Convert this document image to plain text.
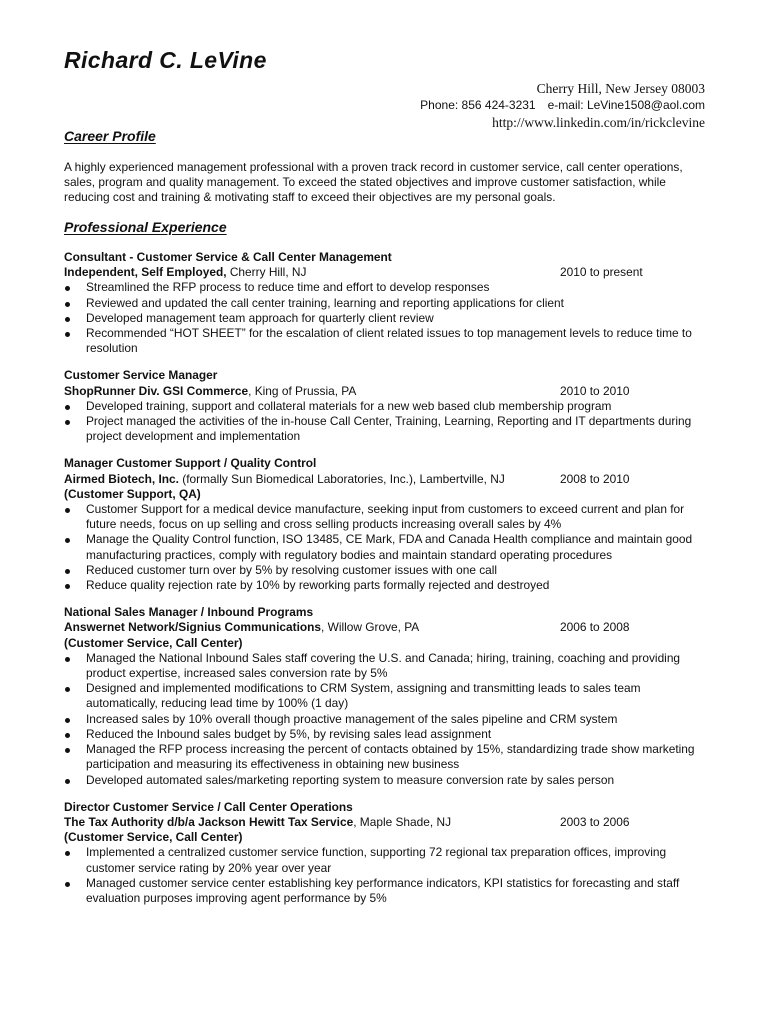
Richard C. LeVine
Cherry Hill, New Jersey 08003
Phone: 856 424-3231 e-mail: LeVine1508@aol.com
http://www.linkedin.com/in/rickclevine
Career Profile

A highly experienced management professional with a proven track record in customer service, call center operations, sales, program and quality management. To exceed the stated objectives and improve customer satisfaction, while reducing cost and training & motivating staff to exceed their objectives are my personal goals.

Professional Experience
Consultant - Customer Service & Call Center Management
Independent, Self Employed, Cherry Hill, NJ	2010 to present
Streamlined the RFP process to reduce time and effort to develop responses
Reviewed and updated the call center training, learning and reporting applications for client
Developed management team approach for quarterly client review
Recommended “HOT SHEET” for the escalation of client related issues to top management levels to reduce time to resolution
Customer Service Manager
ShopRunner Div. GSI Commerce, King of Prussia, PA	2010 to 2010
Developed training, support and collateral materials for a new web based club membership program
Project managed the activities of the in-house Call Center, Training, Learning, Reporting and IT departments during project development and implementation
Manager Customer Support / Quality Control
Airmed Biotech, Inc. (formally Sun Biomedical Laboratories, Inc.), Lambertville, NJ	2008 to 2010
(Customer Support, QA)
Customer Support for a medical device manufacture, seeking input from customers to exceed current and plan for future needs, focus on up selling and cross selling products increasing overall sales by 4%
Manage the Quality Control function, ISO 13485, CE Mark, FDA and Canada Health compliance and maintain good manufacturing practices, comply with regulatory bodies and maintain standard operating procedures
Reduced customer turn over by 5% by resolving customer issues with one call
Reduce quality rejection rate by 10% by reworking parts formally rejected and destroyed
National Sales Manager / Inbound Programs
Answernet Network/Signius Communications, Willow Grove, PA	2006 to 2008
(Customer Service, Call Center)
Managed the National Inbound Sales staff covering the U.S. and Canada; hiring, training, coaching and providing product expertise, increased sales conversion rate by 5%
Designed and implemented modifications to CRM System, assigning and transmitting leads to sales team automatically, reducing lead time by 100% (1 day)
Increased sales by 10% overall though proactive management of the sales pipeline and CRM system
Reduced the Inbound sales budget by 5%, by revising sales lead assignment
Managed the RFP process increasing the percent of contacts obtained by 15%, standardizing trade show marketing participation and measuring its effectiveness in obtaining new business
Developed automated sales/marketing reporting system to measure conversion rate by sales person
Director Customer Service / Call Center Operations
The Tax Authority d/b/a Jackson Hewitt Tax Service, Maple Shade, NJ	2003 to 2006
(Customer Service, Call Center)
Implemented a centralized customer service function, supporting 72 regional tax preparation offices, improving customer service rating by 20% year over year
Managed customer service center establishing key performance indicators, KPI statistics for forecasting and staff evaluation purposes improving agent performance by 5%
